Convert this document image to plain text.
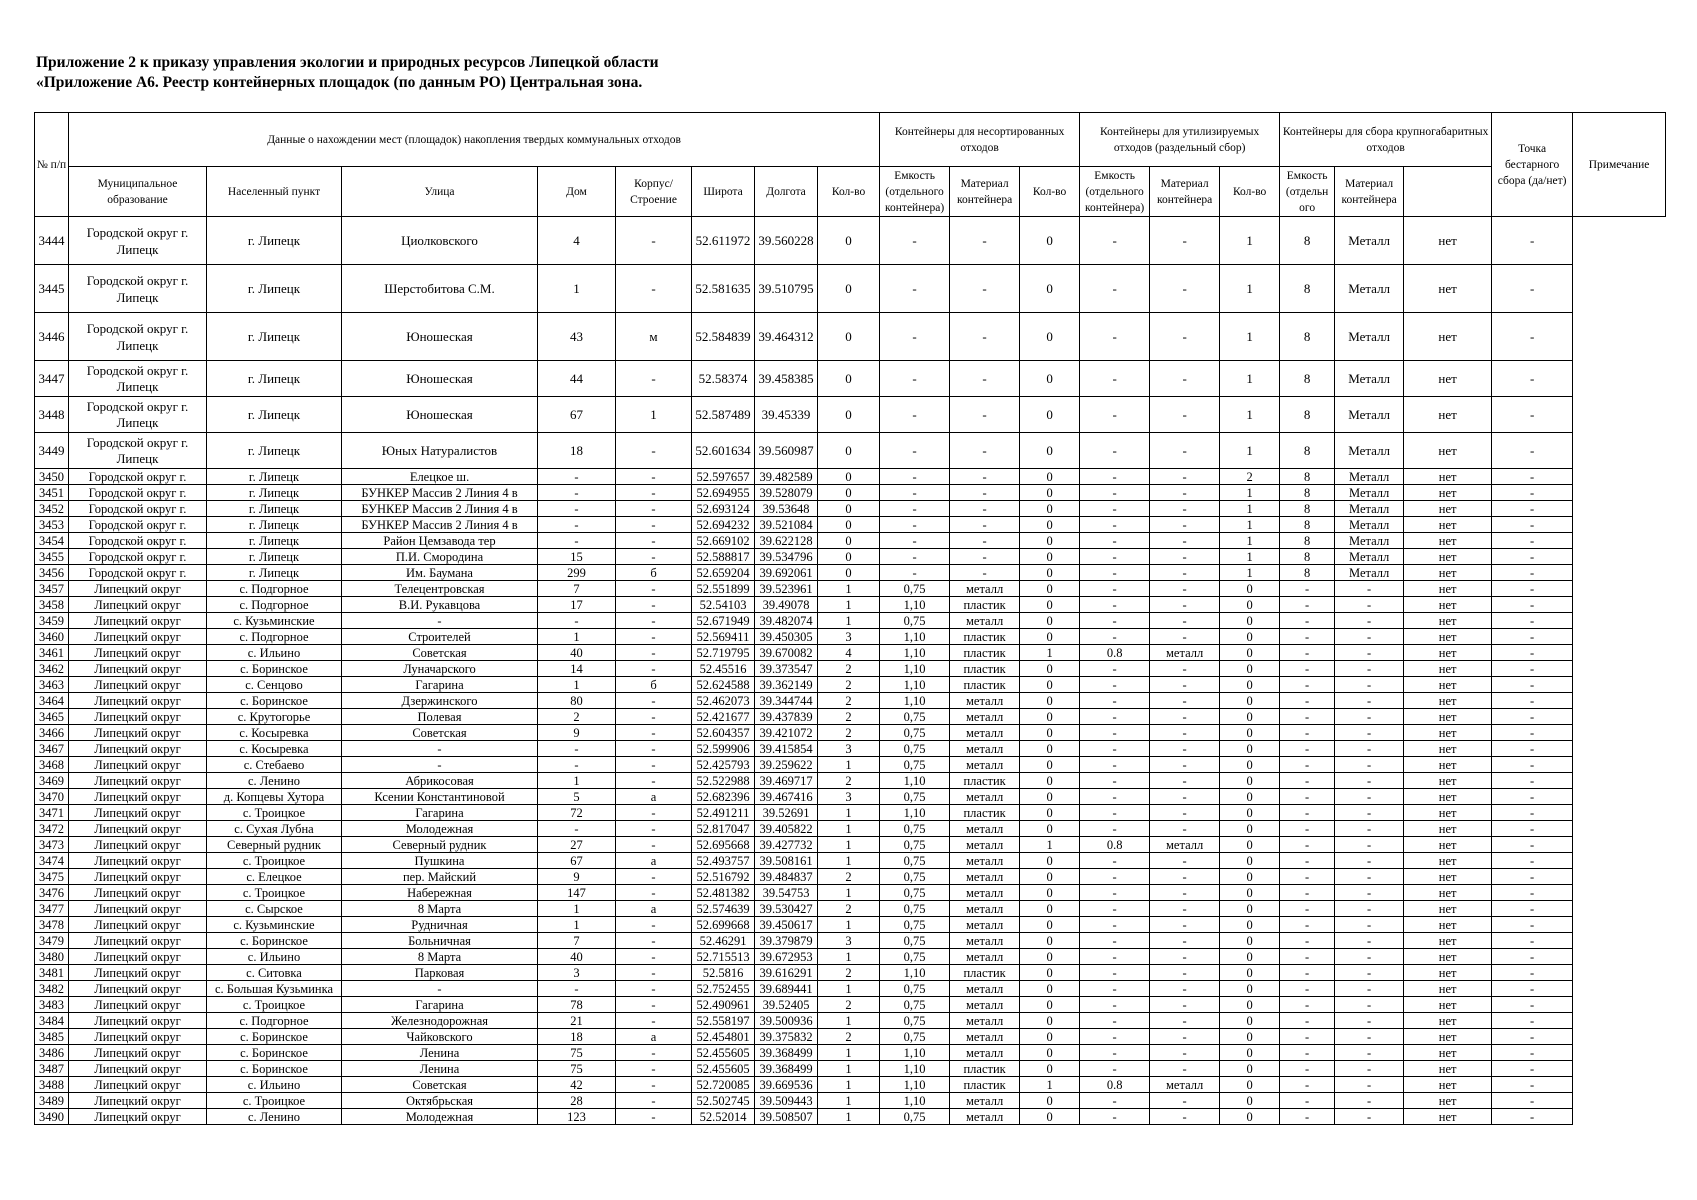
Приложение 2 к приказу управления экологии и природных ресурсов Липецкой области
«Приложение А6. Реестр контейнерных площадок (по данным РО) Центральная зона.
№ п/п	Данные о нахождении мест (площадок) накопления твердых коммунальных отходов								Контейнеры для несортированных отходов			Контейнеры для утилизируемых отходов (раздельный сбор)			Контейнеры для сбора крупногабаритных отходов			Точка бестарного сбора (да/нет)	Примечание
	Муниципальное образование	Населенный пункт	Улица	Дом	Корпус/ Строение	Широта	Долгота	Кол-во	Емкость (отдельного контейнера)	Материал контейнера	Кол-во	Емкость (отдельного контейнера)	Материал контейнера	Кол-во	Емкость (отдельн ого	Материал контейнера			
3444	Городской округ г. Липецк	г. Липецк	Циолковского	4	-	52.611972	39.560228	0	-	-	0	-	-	1	8	Металл	нет	-	
3445	Городской округ г. Липецк	г. Липецк	Шерстобитова С.М.	1	-	52.581635	39.510795	0	-	-	0	-	-	1	8	Металл	нет	-	
3446	Городской округ г. Липецк	г. Липецк	Юношеская	43	м	52.584839	39.464312	0	-	-	0	-	-	1	8	Металл	нет	-	
3447	Городской округ г. Липецк	г. Липецк	Юношеская	44	-	52.58374	39.458385	0	-	-	0	-	-	1	8	Металл	нет	-	
3448	Городской округ г. Липецк	г. Липецк	Юношеская	67	1	52.587489	39.45339	0	-	-	0	-	-	1	8	Металл	нет	-	
3449	Городской округ г. Липецк	г. Липецк	Юных Натуралистов	18	-	52.601634	39.560987	0	-	-	0	-	-	1	8	Металл	нет	-	
3450	Городской округ г.	г. Липецк	Елецкое ш.	-	-	52.597657	39.482589	0	-	-	0	-	-	2	8	Металл	нет	-	
3451	Городской округ г.	г. Липецк	БУНКЕР Массив 2 Линия 4 в	-	-	52.694955	39.528079	0	-	-	0	-	-	1	8	Металл	нет	-	
3452	Городской округ г.	г. Липецк	БУНКЕР Массив 2 Линия 4 в	-	-	52.693124	39.53648	0	-	-	0	-	-	1	8	Металл	нет	-	
3453	Городской округ г.	г. Липецк	БУНКЕР Массив 2 Линия 4 в	-	-	52.694232	39.521084	0	-	-	0	-	-	1	8	Металл	нет	-	
3454	Городской округ г.	г. Липецк	Район Цемзавода тер	-	-	52.669102	39.622128	0	-	-	0	-	-	1	8	Металл	нет	-	
3455	Городской округ г.	г. Липецк	П.И. Смородина	15	-	52.588817	39.534796	0	-	-	0	-	-	1	8	Металл	нет	-	
3456	Городской округ г.	г. Липецк	Им. Баумана	299	б	52.659204	39.692061	0	-	-	0	-	-	1	8	Металл	нет	-	
3457	Липецкий округ	с. Подгорное	Телецентровская	7	-	52.551899	39.523961	1	0,75	металл	0	-	-	0	-	-	нет	-	
3458	Липецкий округ	с. Подгорное	В.И. Рукавцова	17	-	52.54103	39.49078	1	1,10	пластик	0	-	-	0	-	-	нет	-	
3459	Липецкий округ	с. Кузьминские	-	-	-	52.671949	39.482074	1	0,75	металл	0	-	-	0	-	-	нет	-	
3460	Липецкий округ	с. Подгорное	Строителей	1	-	52.569411	39.450305	3	1,10	пластик	0	-	-	0	-	-	нет	-	
3461	Липецкий округ	с. Ильино	Советская	40	-	52.719795	39.670082	4	1,10	пластик	1	0.8	металл	0	-	-	нет	-	
3462	Липецкий округ	с. Боринское	Луначарского	14	-	52.45516	39.373547	2	1,10	пластик	0	-	-	0	-	-	нет	-	
3463	Липецкий округ	с. Сенцово	Гагарина	1	б	52.624588	39.362149	2	1,10	пластик	0	-	-	0	-	-	нет	-	
3464	Липецкий округ	с. Боринское	Дзержинского	80	-	52.462073	39.344744	2	1,10	металл	0	-	-	0	-	-	нет	-	
3465	Липецкий округ	с. Крутогорье	Полевая	2	-	52.421677	39.437839	2	0,75	металл	0	-	-	0	-	-	нет	-	
3466	Липецкий округ	с. Косыревка	Советская	9	-	52.604357	39.421072	2	0,75	металл	0	-	-	0	-	-	нет	-	
3467	Липецкий округ	с. Косыревка	-	-	-	52.599906	39.415854	3	0,75	металл	0	-	-	0	-	-	нет	-	
3468	Липецкий округ	с. Стебаево	-	-	-	52.425793	39.259622	1	0,75	металл	0	-	-	0	-	-	нет	-	
3469	Липецкий округ	с. Ленино	Абрикосовая	1	-	52.522988	39.469717	2	1,10	пластик	0	-	-	0	-	-	нет	-	
3470	Липецкий округ	д. Копцевы Хутора	Ксении Константиновой	5	а	52.682396	39.467416	3	0,75	металл	0	-	-	0	-	-	нет	-	
3471	Липецкий округ	с. Троицкое	Гагарина	72	-	52.491211	39.52691	1	1,10	пластик	0	-	-	0	-	-	нет	-	
3472	Липецкий округ	с. Сухая Лубна	Молодежная	-	-	52.817047	39.405822	1	0,75	металл	0	-	-	0	-	-	нет	-	
3473	Липецкий округ	Северный рудник	Северный рудник	27	-	52.695668	39.427732	1	0,75	металл	1	0.8	металл	0	-	-	нет	-	
3474	Липецкий округ	с. Троицкое	Пушкина	67	а	52.493757	39.508161	1	0,75	металл	0	-	-	0	-	-	нет	-	
3475	Липецкий округ	с. Елецкое	пер. Майский	9	-	52.516792	39.484837	2	0,75	металл	0	-	-	0	-	-	нет	-	
3476	Липецкий округ	с. Троицкое	Набережная	147	-	52.481382	39.54753	1	0,75	металл	0	-	-	0	-	-	нет	-	
3477	Липецкий округ	с. Сырское	8 Марта	1	а	52.574639	39.530427	2	0,75	металл	0	-	-	0	-	-	нет	-	
3478	Липецкий округ	с. Кузьминские	Рудничная	1	-	52.699668	39.450617	1	0,75	металл	0	-	-	0	-	-	нет	-	
3479	Липецкий округ	с. Боринское	Больничная	7	-	52.46291	39.379879	3	0,75	металл	0	-	-	0	-	-	нет	-	
3480	Липецкий округ	с. Ильино	8 Марта	40	-	52.715513	39.672953	1	0,75	металл	0	-	-	0	-	-	нет	-	
3481	Липецкий округ	с. Ситовка	Парковая	3	-	52.5816	39.616291	2	1,10	пластик	0	-	-	0	-	-	нет	-	
3482	Липецкий округ	с. Большая Кузьминка	-	-	-	52.752455	39.689441	1	0,75	металл	0	-	-	0	-	-	нет	-	
3483	Липецкий округ	с. Троицкое	Гагарина	78	-	52.490961	39.52405	2	0,75	металл	0	-	-	0	-	-	нет	-	
3484	Липецкий округ	с. Подгорное	Железнодорожная	21	-	52.558197	39.500936	1	0,75	металл	0	-	-	0	-	-	нет	-	
3485	Липецкий округ	с. Боринское	Чайковского	18	а	52.454801	39.375832	2	0,75	металл	0	-	-	0	-	-	нет	-	
3486	Липецкий округ	с. Боринское	Ленина	75	-	52.455605	39.368499	1	1,10	металл	0	-	-	0	-	-	нет	-	
3487	Липецкий округ	с. Боринское	Ленина	75	-	52.455605	39.368499	1	1,10	пластик	0	-	-	0	-	-	нет	-	
3488	Липецкий округ	с. Ильино	Советская	42	-	52.720085	39.669536	1	1,10	пластик	1	0.8	металл	0	-	-	нет	-	
3489	Липецкий округ	с. Троицкое	Октябрьская	28	-	52.502745	39.509443	1	1,10	металл	0	-	-	0	-	-	нет	-	
3490	Липецкий округ	с. Ленино	Молодежная	123	-	52.52014	39.508507	1	0,75	металл	0	-	-	0	-	-	нет	-	
